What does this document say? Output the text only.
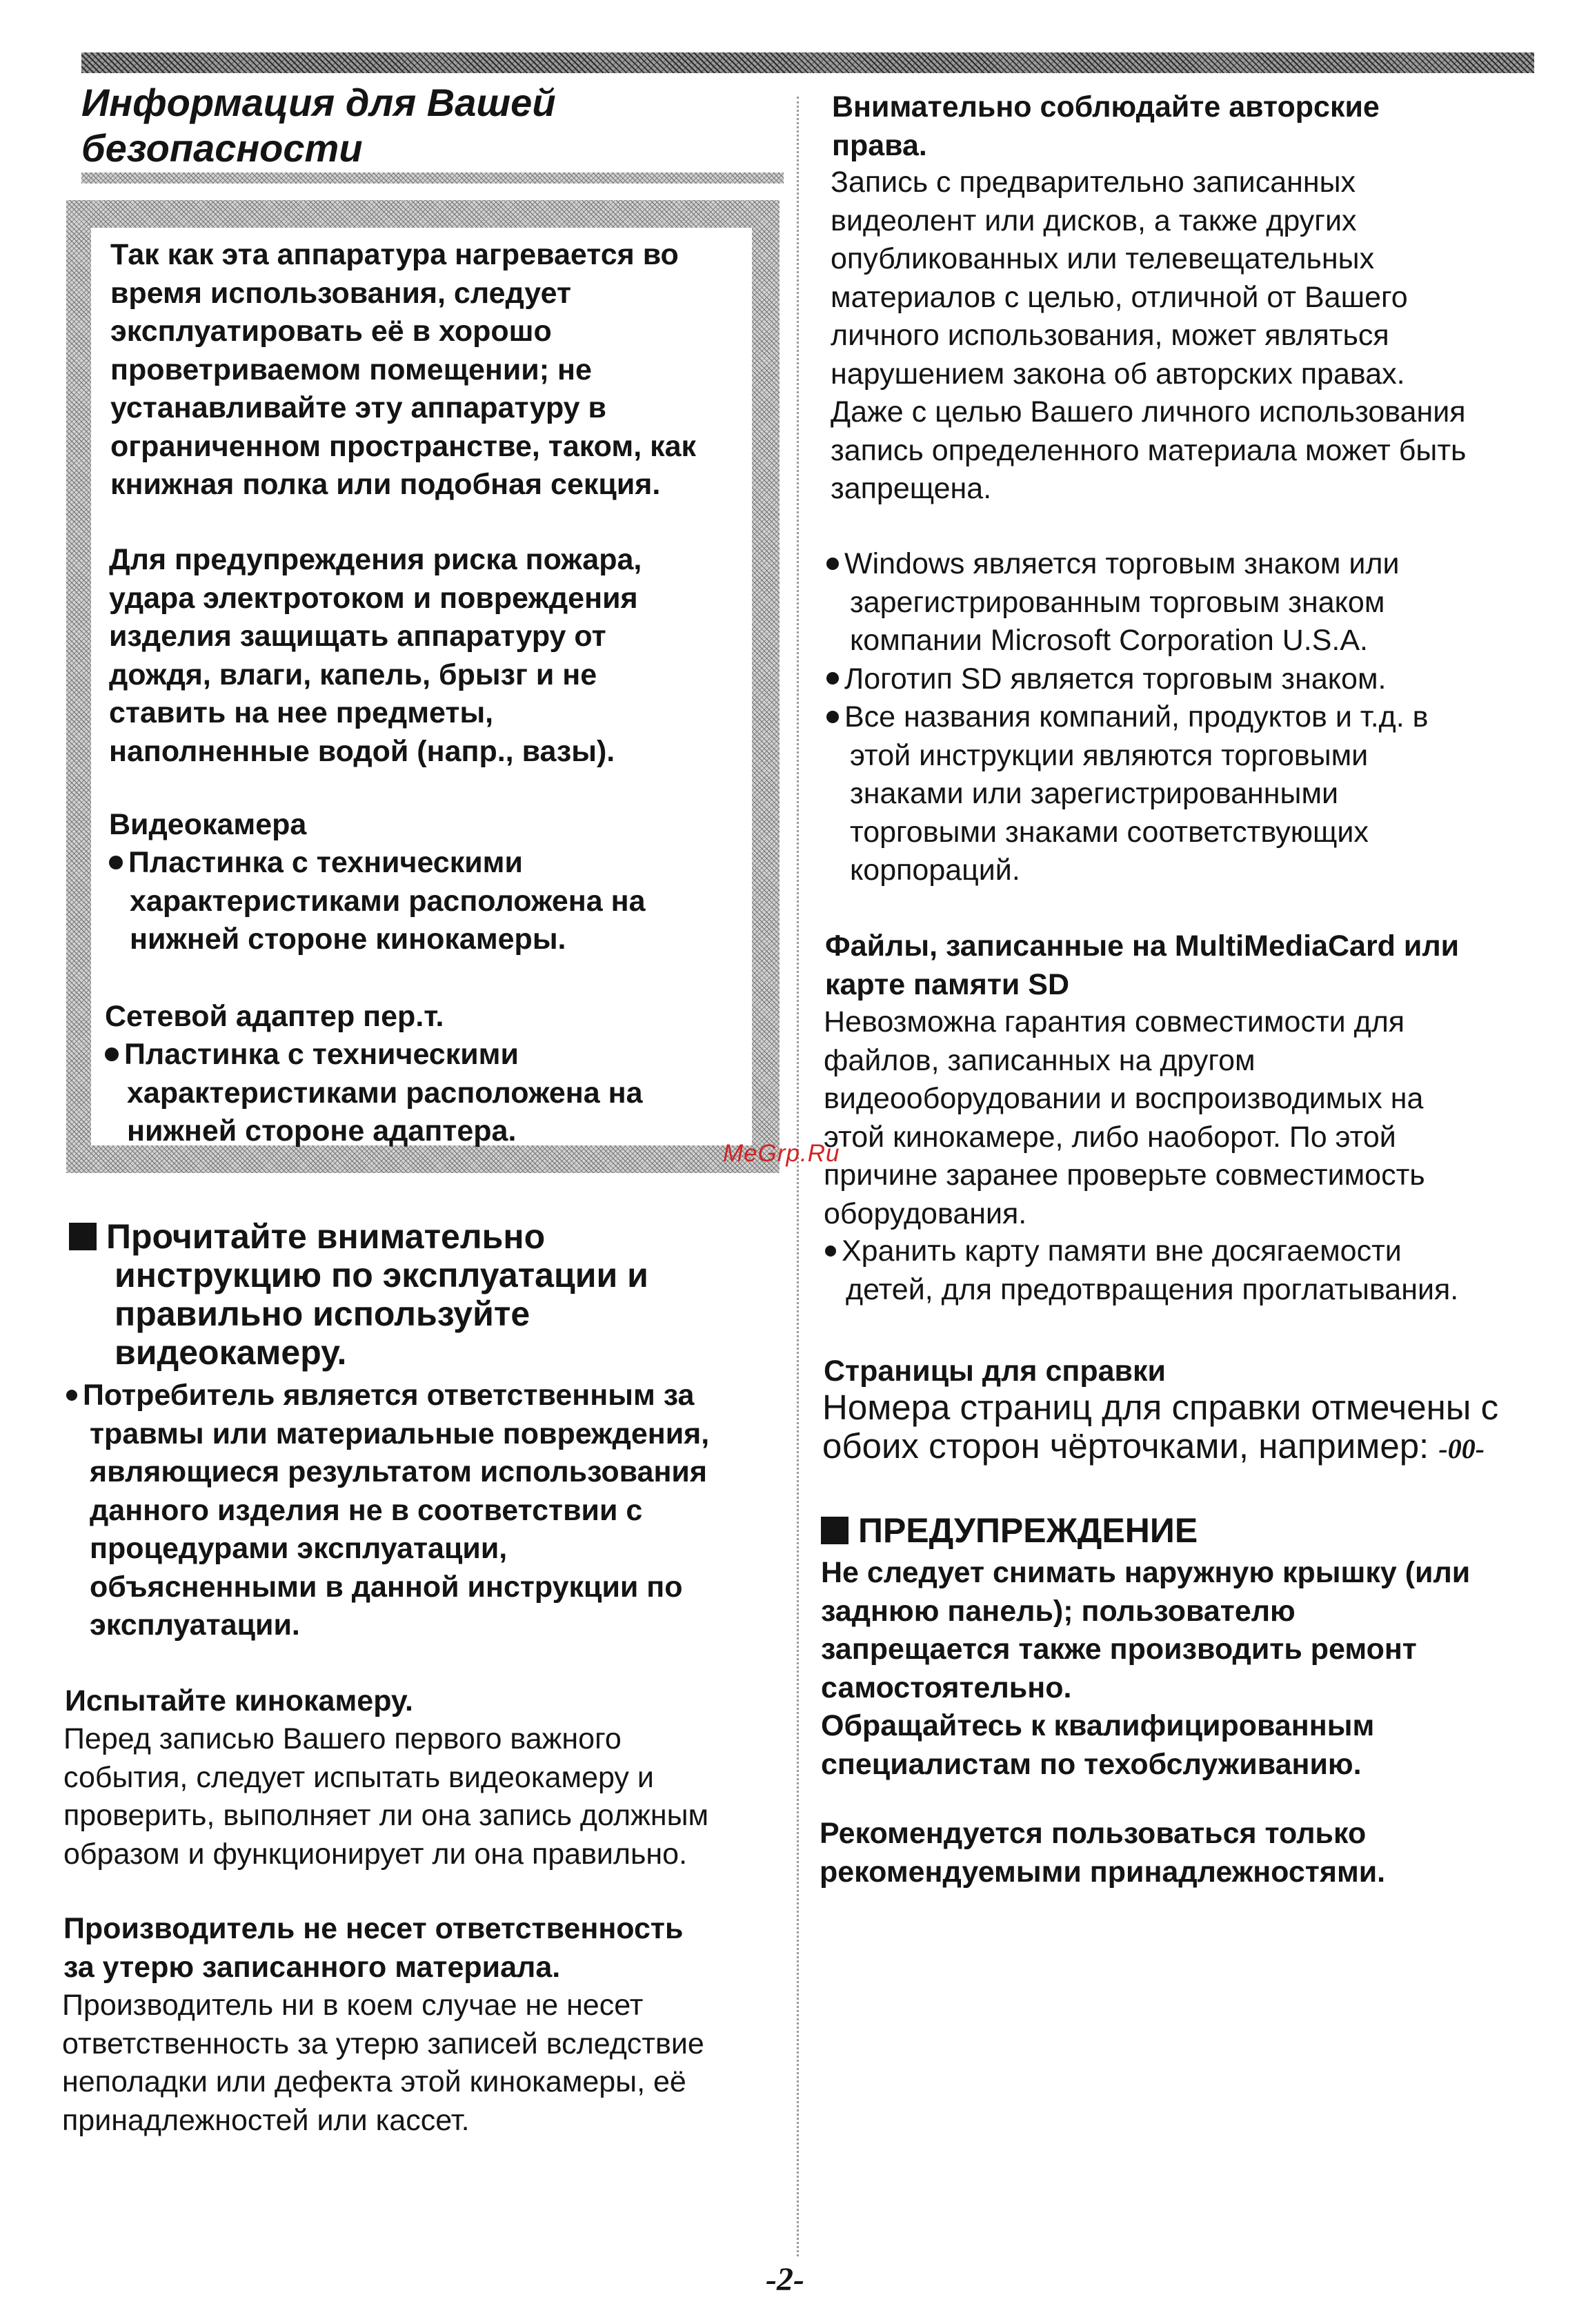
Информация для Вашей
безопасности
Так как эта аппаратура нагревается во
время использования, следует
эксплуатировать её в хорошо
проветриваемом помещении; не
устанавливайте эту аппаратуру в
ограниченном пространстве, таком, как
книжная полка или подобная секция.
Для предупреждения риска пожара,
удара электротоком и повреждения
изделия защищать аппаратуру от
дождя, влаги, капель, брызг и не
ставить на нее предметы,
наполненные водой (напр., вазы).
Видеокамера
Пластинка с техническими
характеристиками расположена на
нижней стороне кинокамеры.
Сетевой адаптер пер.т.
Пластинка с техническими
характеристиками расположена на
нижней стороне адаптера.
MeGrp.Ru
Прочитайте внимательно
инструкцию по эксплуатации и
правильно используйте
видеокамеру.
Потребитель является ответственным за
травмы или материальные повреждения,
являющиеся результатом использования
данного изделия не в соответствии с
процедурами эксплуатации,
объясненными в данной инструкции по
эксплуатации.
Испытайте кинокамеру.
Перед записью Вашего первого важного
события, следует испытать видеокамеру и
проверить, выполняет ли она запись должным
образом и функционирует ли она правильно.
Производитель не несет ответственность
за утерю записанного материала.
Производитель ни в коем случае не несет
ответственность за утерю записей вследствие
неполадки или дефекта этой кинокамеры, её
принадлежностей или кассет.
Внимательно соблюдайте авторские
права.
Запись с предварительно записанных
видеолент или дисков, а также других
опубликованных или телевещательных
материалов с целью, отличной от Вашего
личного использования, может являться
нарушением закона об авторских правах.
Даже с целью Вашего личного использования
запись определенного материала может быть
запрещена.
Windows является торговым знаком или
зарегистрированным торговым знаком
компании Microsoft Corporation U.S.A.
Логотип SD является торговым знаком.
Все названия компаний, продуктов и т.д. в
этой инструкции являются торговыми
знаками или зарегистрированными
торговыми знаками соответствующих
корпораций.
Файлы, записанные на MultiMediaCard или
карте памяти SD
Невозможна гарантия совместимости для
файлов, записанных на другом
видеооборудовании и воспроизводимых на
этой кинокамере, либо наоборот. По этой
причине заранее проверьте совместимость
оборудования.
Хранить карту памяти вне досягаемости
детей, для предотвращения проглатывания.
Страницы для справки
Номера страниц для справки отмечены с
обоих сторон чёрточками, например: -00-
ПРЕДУПРЕЖДЕНИЕ
Не следует снимать наружную крышку (или
заднюю панель); пользователю
запрещается также производить ремонт
самостоятельно.
Обращайтесь к квалифицированным
специалистам по техобслуживанию.
Рекомендуется пользоваться только
рекомендуемыми принадлежностями.
-2-
